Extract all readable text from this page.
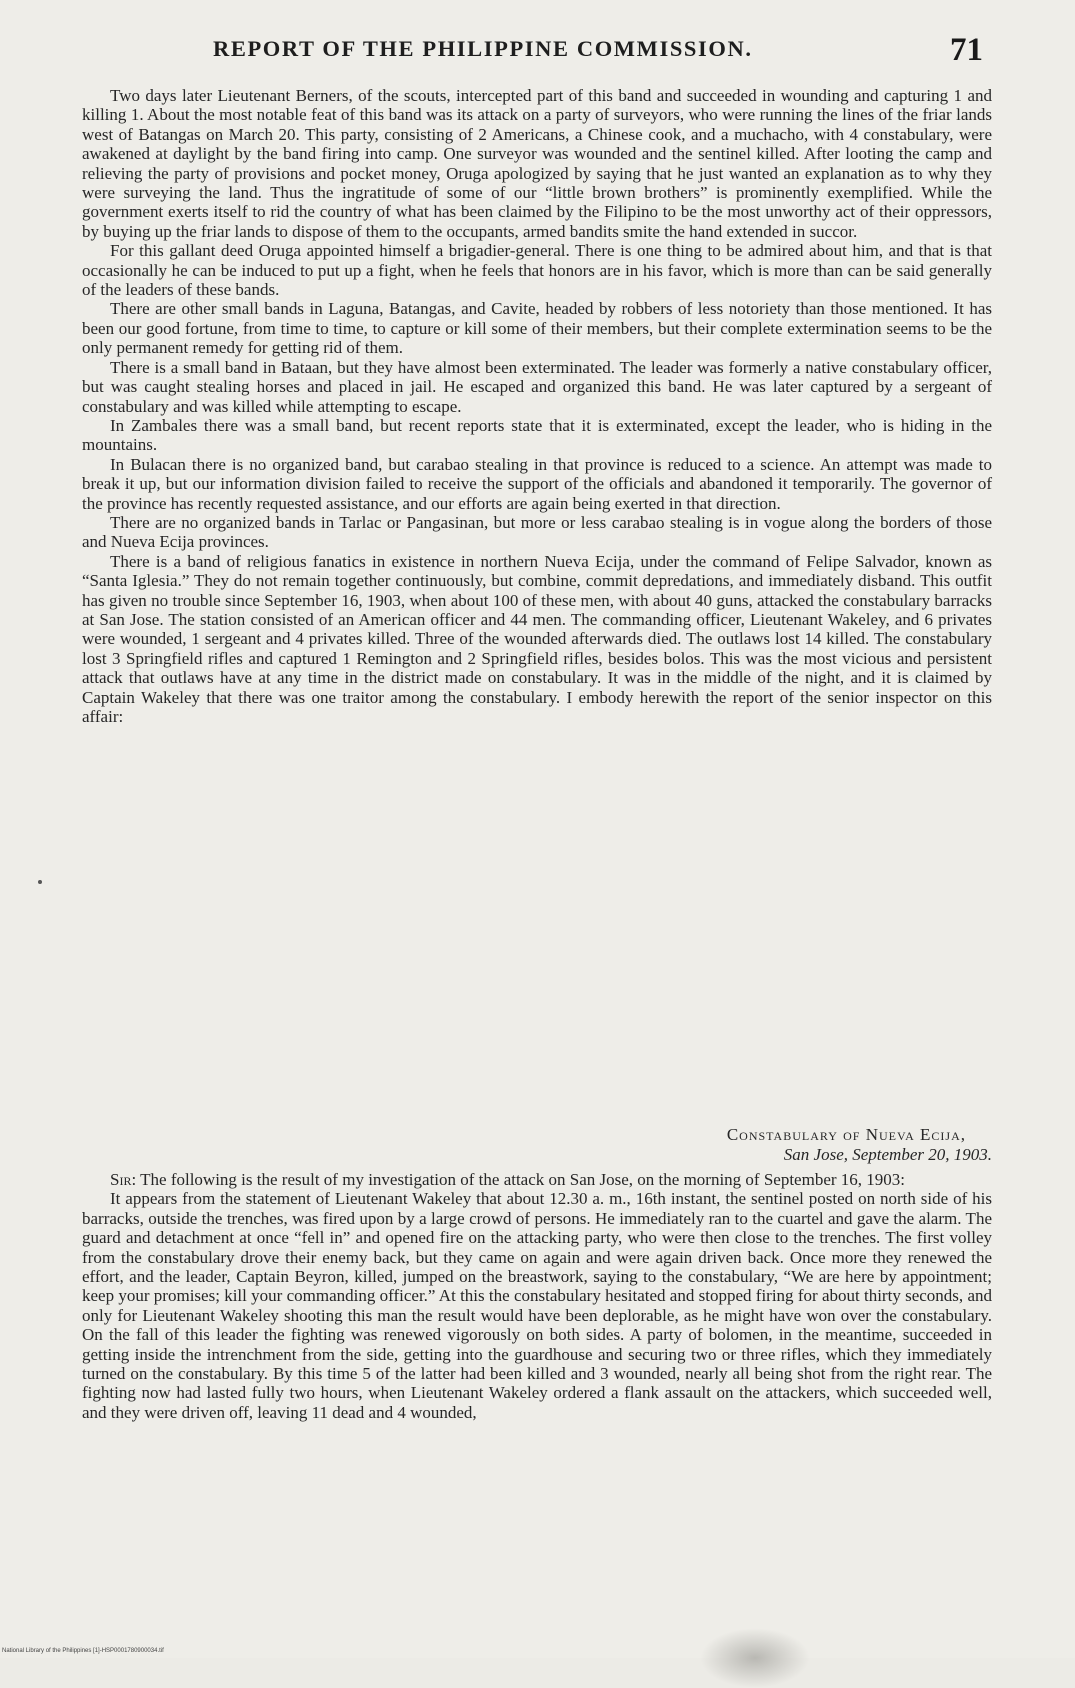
REPORT OF THE PHILIPPINE COMMISSION.	71

Two days later Lieutenant Berners, of the scouts, intercepted part of this band and succeeded in wounding and capturing 1 and killing 1. About the most notable feat of this band was its attack on a party of surveyors, who were running the lines of the friar lands west of Batangas on March 20. This party, consisting of 2 Americans, a Chinese cook, and a muchacho, with 4 constabulary, were awakened at daylight by the band firing into camp. One surveyor was wounded and the sentinel killed. After looting the camp and relieving the party of provisions and pocket money, Oruga apologized by saying that he just wanted an explanation as to why they were surveying the land. Thus the ingratitude of some of our “little brown brothers” is prominently exemplified. While the government exerts itself to rid the country of what has been claimed by the Filipino to be the most unworthy act of their oppressors, by buying up the friar lands to dispose of them to the occupants, armed bandits smite the hand extended in succor.

For this gallant deed Oruga appointed himself a brigadier-general. There is one thing to be admired about him, and that is that occasionally he can be induced to put up a fight, when he feels that honors are in his favor, which is more than can be said generally of the leaders of these bands.

There are other small bands in Laguna, Batangas, and Cavite, headed by robbers of less notoriety than those mentioned. It has been our good fortune, from time to time, to capture or kill some of their members, but their complete extermination seems to be the only permanent remedy for getting rid of them.

There is a small band in Bataan, but they have almost been exterminated. The leader was formerly a native constabulary officer, but was caught stealing horses and placed in jail. He escaped and organized this band. He was later captured by a sergeant of constabulary and was killed while attempting to escape.

In Zambales there was a small band, but recent reports state that it is exterminated, except the leader, who is hiding in the mountains.

In Bulacan there is no organized band, but carabao stealing in that province is reduced to a science. An attempt was made to break it up, but our information division failed to receive the support of the officials and abandoned it temporarily. The governor of the province has recently requested assistance, and our efforts are again being exerted in that direction.

There are no organized bands in Tarlac or Pangasinan, but more or less carabao stealing is in vogue along the borders of those and Nueva Ecija provinces.

There is a band of religious fanatics in existence in northern Nueva Ecija, under the command of Felipe Salvador, known as “Santa Iglesia.” They do not remain together continuously, but combine, commit depredations, and immediately disband. This outfit has given no trouble since September 16, 1903, when about 100 of these men, with about 40 guns, attacked the constabulary barracks at San Jose. The station consisted of an American officer and 44 men. The commanding officer, Lieutenant Wakeley, and 6 privates were wounded, 1 sergeant and 4 privates killed. Three of the wounded afterwards died. The outlaws lost 14 killed. The constabulary lost 3 Springfield rifles and captured 1 Remington and 2 Springfield rifles, besides bolos. This was the most vicious and persistent attack that outlaws have at any time in the district made on constabulary. It was in the middle of the night, and it is claimed by Captain Wakeley that there was one traitor among the constabulary. I embody herewith the report of the senior inspector on this affair:

Constabulary of Nueva Ecija,
San Jose, September 20, 1903.

Sir: The following is the result of my investigation of the attack on San Jose, on the morning of September 16, 1903:

It appears from the statement of Lieutenant Wakeley that about 12.30 a. m., 16th instant, the sentinel posted on north side of his barracks, outside the trenches, was fired upon by a large crowd of persons. He immediately ran to the cuartel and gave the alarm. The guard and detachment at once “fell in” and opened fire on the attacking party, who were then close to the trenches. The first volley from the constabulary drove their enemy back, but they came on again and were again driven back. Once more they renewed the effort, and the leader, Captain Beyron, killed, jumped on the breastwork, saying to the constabulary, “We are here by appointment; keep your promises; kill your commanding officer.” At this the constabulary hesitated and stopped firing for about thirty seconds, and only for Lieutenant Wakeley shooting this man the result would have been deplorable, as he might have won over the constabulary. On the fall of this leader the fighting was renewed vigorously on both sides. A party of bolomen, in the meantime, succeeded in getting inside the intrenchment from the side, getting into the guardhouse and securing two or three rifles, which they immediately turned on the constabulary. By this time 5 of the latter had been killed and 3 wounded, nearly all being shot from the right rear. The fighting now had lasted fully two hours, when Lieutenant Wakeley ordered a flank assault on the attackers, which succeeded well, and they were driven off, leaving 11 dead and 4 wounded,

National Library of the Philippines [1]-HSP0001780900034.tif
